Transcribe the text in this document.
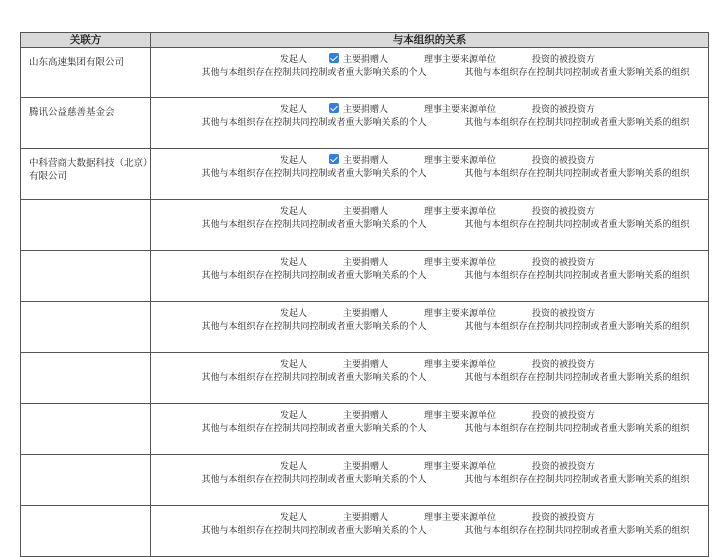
关联方	与本组织的关系
山东高速集团有限公司	发起人 主要捐赠人 理事主要来源单位 投资的被投资方
其他与本组织存在控制共同控制或者重大影响关系的个人 其他与本组织存在控制共同控制或者重大影响关系的组织

腾讯公益慈善基金会	发起人 主要捐赠人 理事主要来源单位 投资的被投资方
其他与本组织存在控制共同控制或者重大影响关系的个人 其他与本组织存在控制共同控制或者重大影响关系的组织

中科营商大数据科技（北京）有限公司	发起人 主要捐赠人 理事主要来源单位 投资的被投资方
其他与本组织存在控制共同控制或者重大影响关系的个人 其他与本组织存在控制共同控制或者重大影响关系的组织

	发起人 主要捐赠人 理事主要来源单位 投资的被投资方
其他与本组织存在控制共同控制或者重大影响关系的个人 其他与本组织存在控制共同控制或者重大影响关系的组织

	发起人 主要捐赠人 理事主要来源单位 投资的被投资方
其他与本组织存在控制共同控制或者重大影响关系的个人 其他与本组织存在控制共同控制或者重大影响关系的组织

	发起人 主要捐赠人 理事主要来源单位 投资的被投资方
其他与本组织存在控制共同控制或者重大影响关系的个人 其他与本组织存在控制共同控制或者重大影响关系的组织

	发起人 主要捐赠人 理事主要来源单位 投资的被投资方
其他与本组织存在控制共同控制或者重大影响关系的个人 其他与本组织存在控制共同控制或者重大影响关系的组织

	发起人 主要捐赠人 理事主要来源单位 投资的被投资方
其他与本组织存在控制共同控制或者重大影响关系的个人 其他与本组织存在控制共同控制或者重大影响关系的组织

	发起人 主要捐赠人 理事主要来源单位 投资的被投资方
其他与本组织存在控制共同控制或者重大影响关系的个人 其他与本组织存在控制共同控制或者重大影响关系的组织

	发起人 主要捐赠人 理事主要来源单位 投资的被投资方
其他与本组织存在控制共同控制或者重大影响关系的个人 其他与本组织存在控制共同控制或者重大影响关系的组织
